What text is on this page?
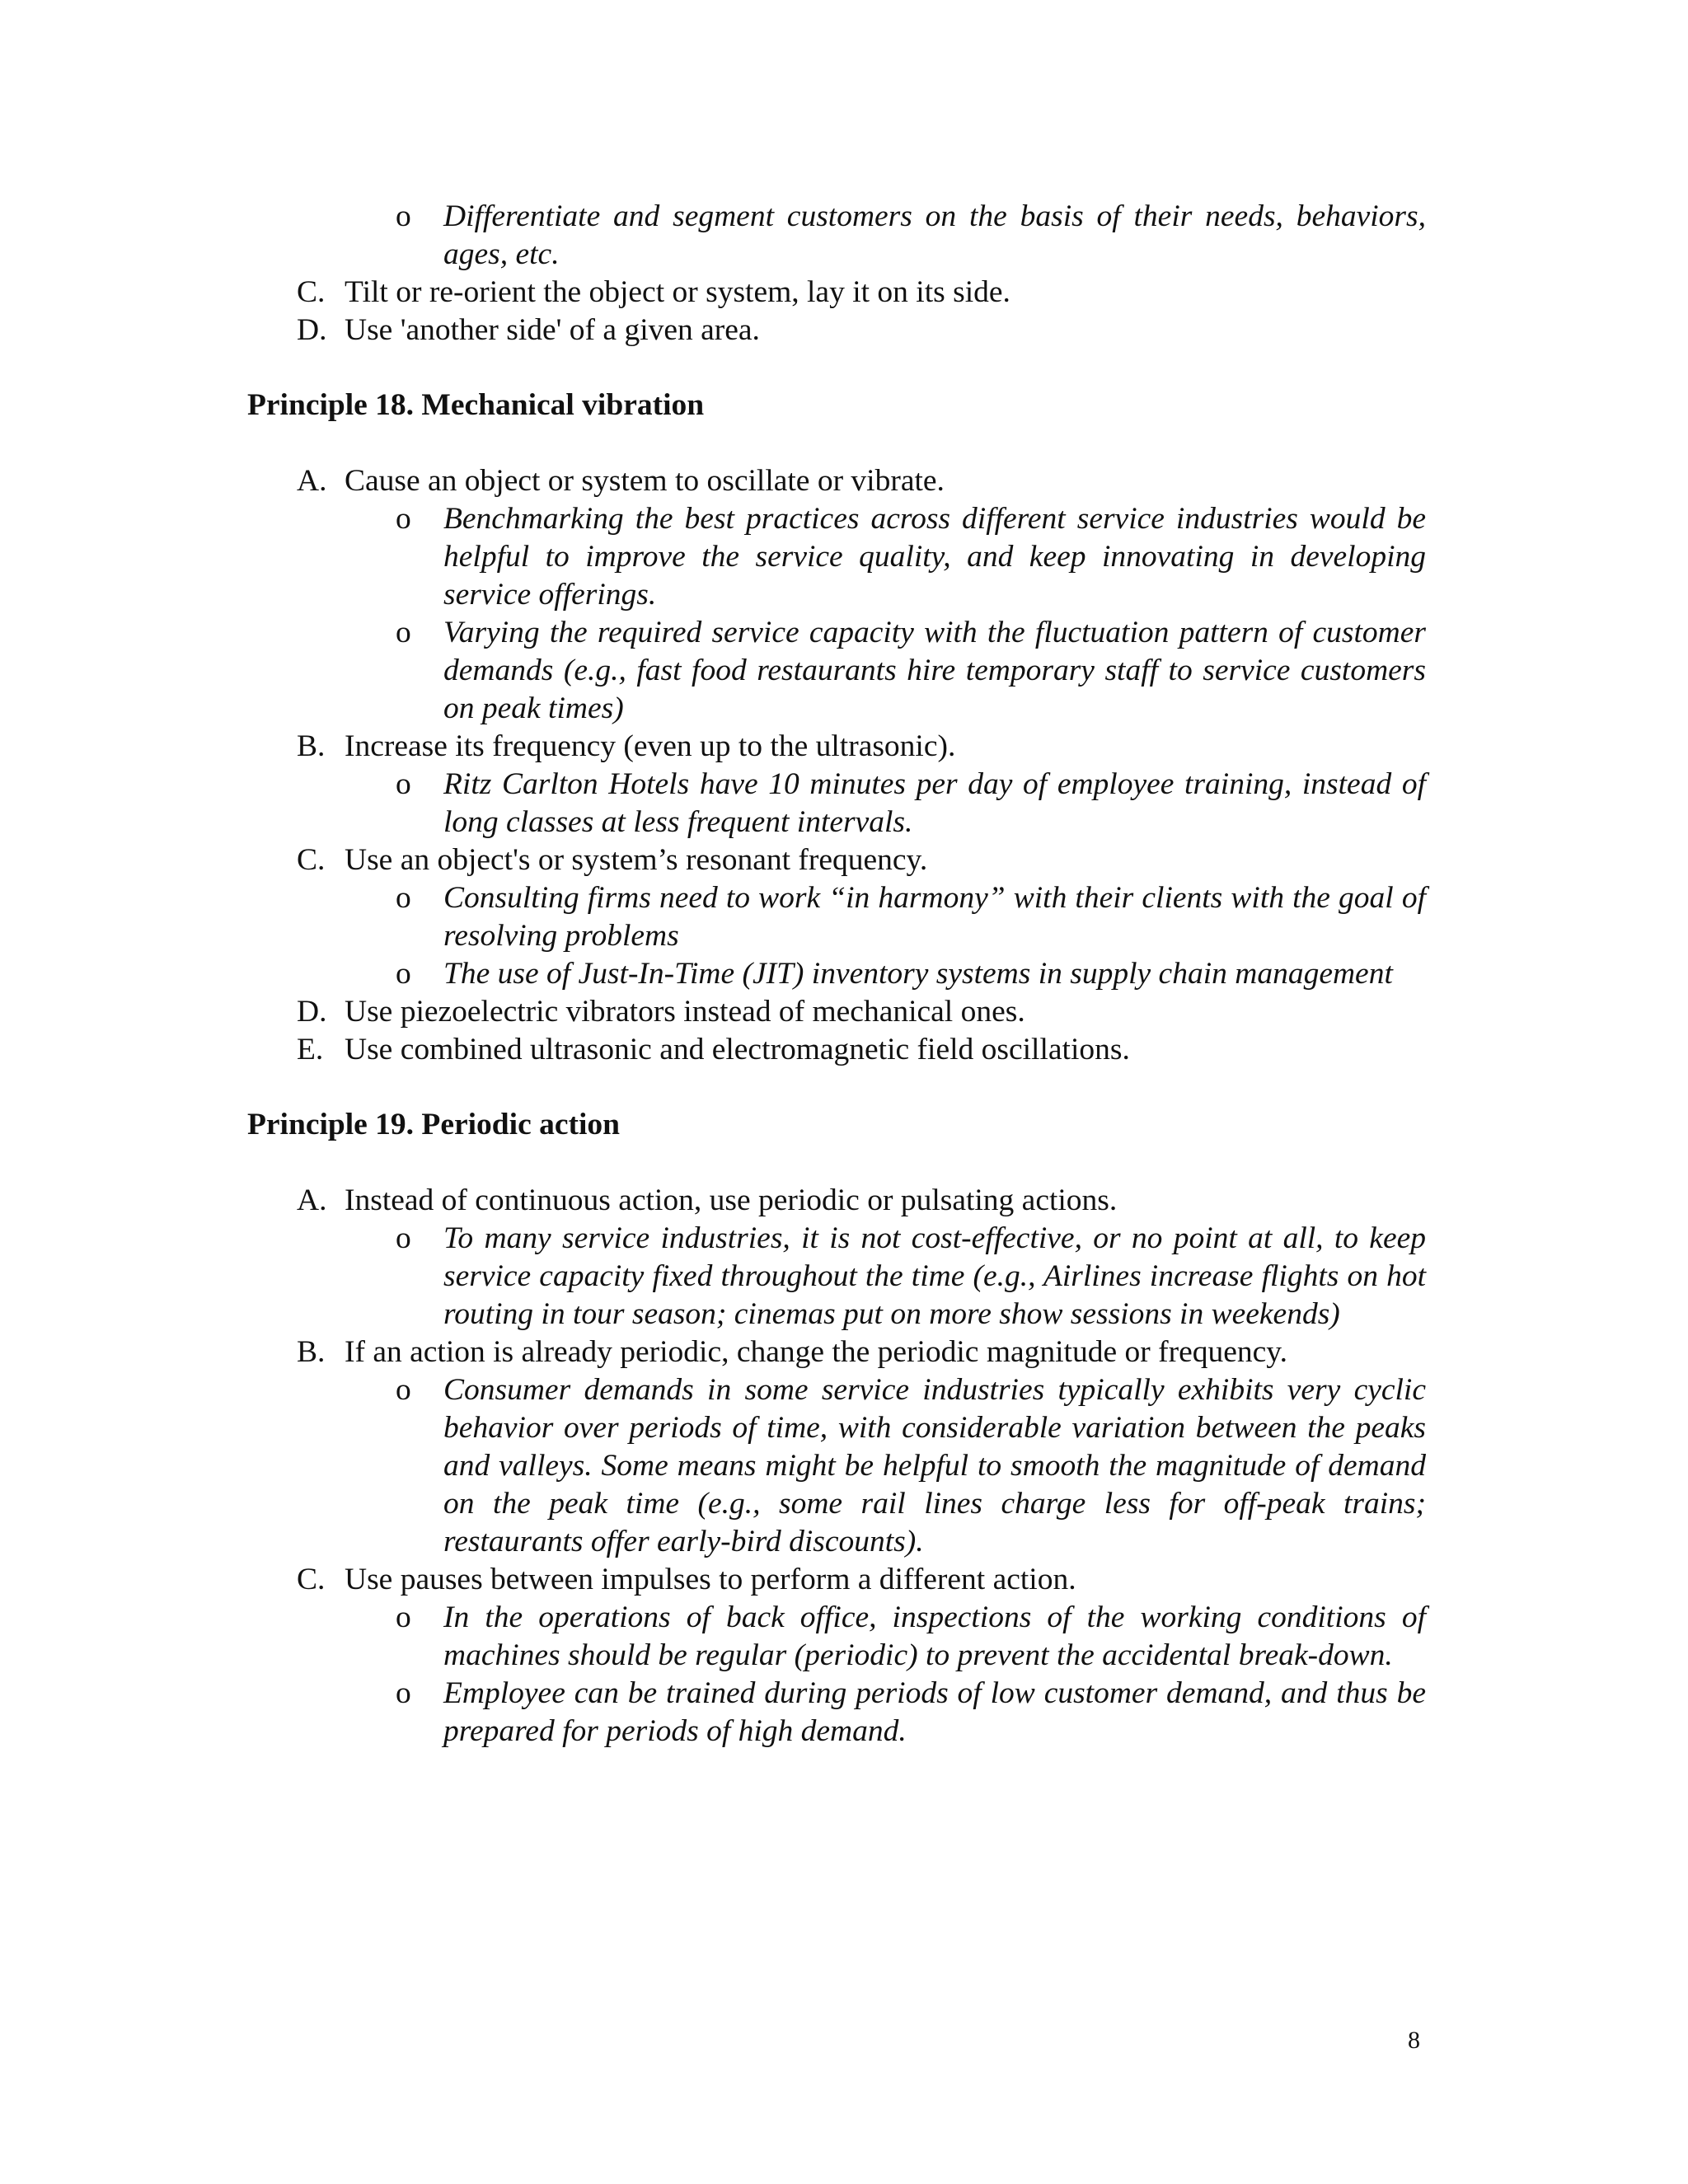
o Differentiate and segment customers on the basis of their needs, behaviors, ages, etc.
C. Tilt or re-orient the object or system, lay it on its side.
D. Use 'another side' of a given area.
Principle 18. Mechanical vibration
A. Cause an object or system to oscillate or vibrate.
o Benchmarking the best practices across different service industries would be helpful to improve the service quality, and keep innovating in developing service offerings.
o Varying the required service capacity with the fluctuation pattern of customer demands (e.g., fast food restaurants hire temporary staff to service customers on peak times)
B. Increase its frequency (even up to the ultrasonic).
o Ritz Carlton Hotels have 10 minutes per day of employee training, instead of long classes at less frequent intervals.
C. Use an object's or system’s resonant frequency.
o Consulting firms need to work “in harmony” with their clients with the goal of resolving problems
o The use of Just-In-Time (JIT) inventory systems in supply chain management
D. Use piezoelectric vibrators instead of mechanical ones.
E. Use combined ultrasonic and electromagnetic field oscillations.
Principle 19. Periodic action
A. Instead of continuous action, use periodic or pulsating actions.
o To many service industries, it is not cost-effective, or no point at all, to keep service capacity fixed throughout the time (e.g., Airlines increase flights on hot routing in tour season; cinemas put on more show sessions in weekends)
B. If an action is already periodic, change the periodic magnitude or frequency.
o Consumer demands in some service industries typically exhibits very cyclic behavior over periods of time, with considerable variation between the peaks and valleys. Some means might be helpful to smooth the magnitude of demand on the peak time (e.g., some rail lines charge less for off-peak trains; restaurants offer early-bird discounts).
C. Use pauses between impulses to perform a different action.
o In the operations of back office, inspections of the working conditions of machines should be regular (periodic) to prevent the accidental break-down.
o Employee can be trained during periods of low customer demand, and thus be prepared for periods of high demand.
8
